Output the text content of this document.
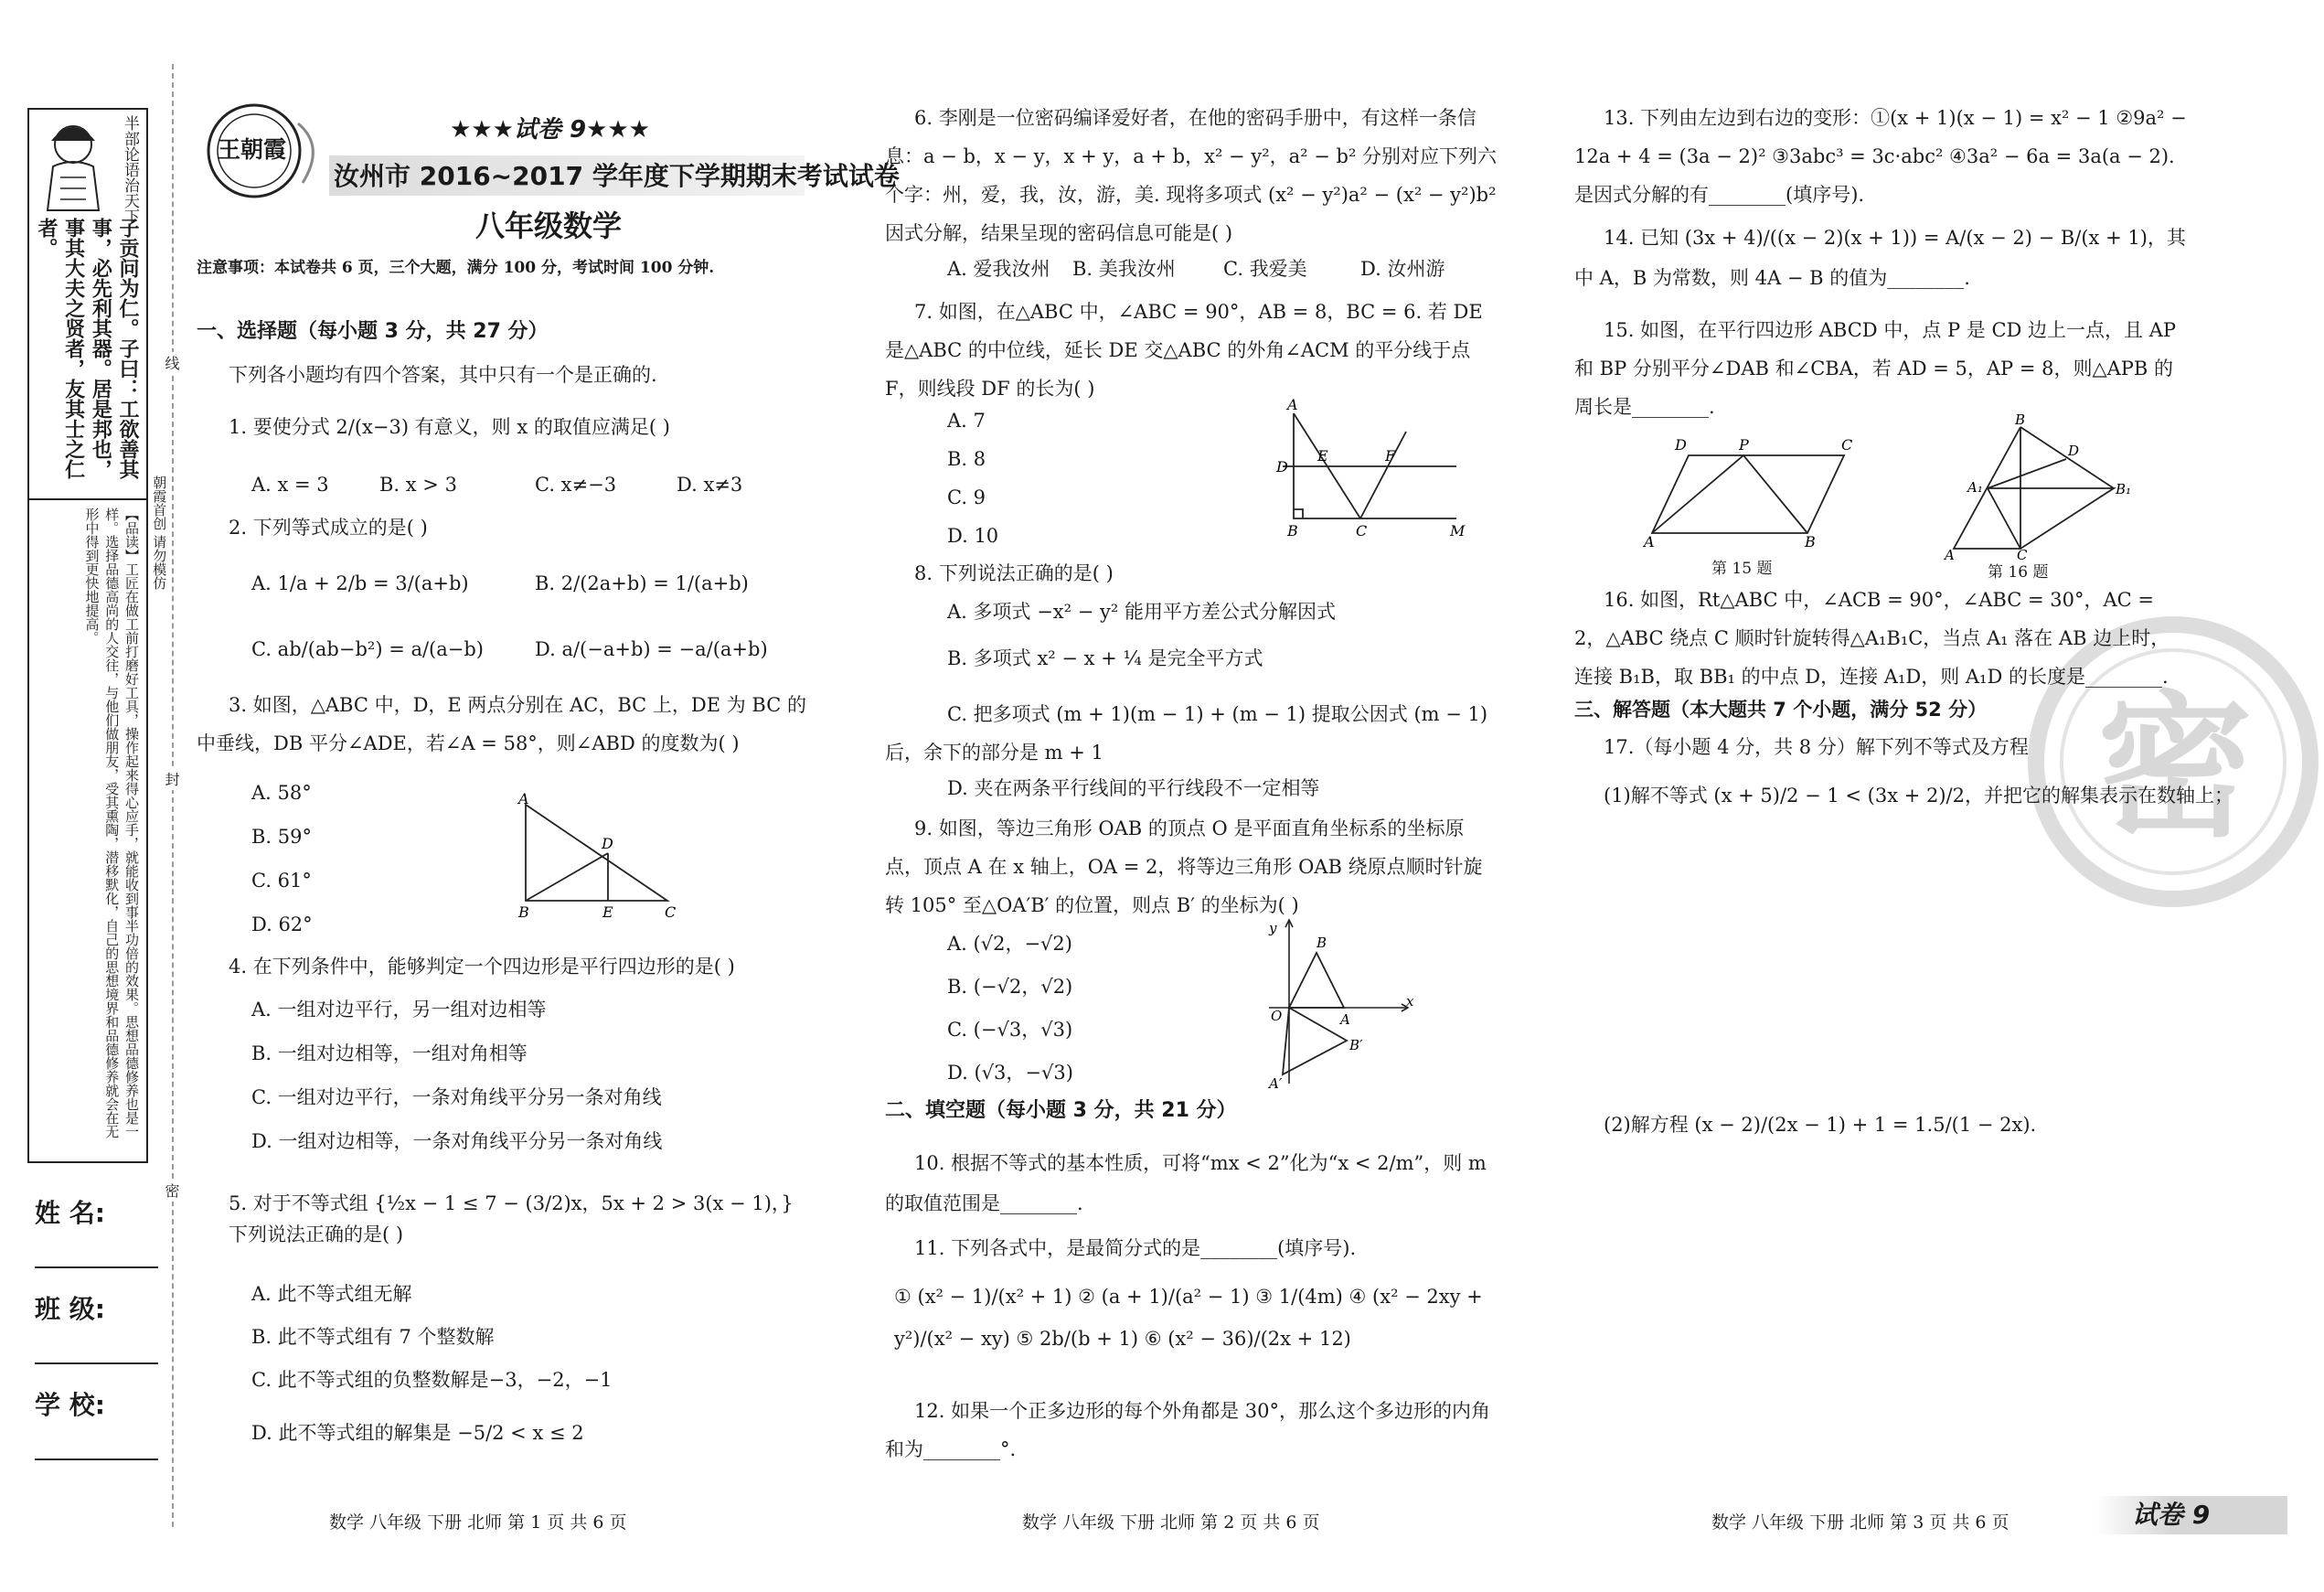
半部论语治天下
子贡问为仁。子曰：工欲善其事，必先利其器。居是邦也，事其大夫之贤者，友其士之仁者。
【品读】工匠在做工前打磨好工具，操作起来得心应手，就能收到事半功倍的效果。思想品德修养也是一样。选择品德高尚的人交往，与他们做朋友，受其熏陶，潜移默化，自己的思想境界和品德修养就会在无形中得到更快地提高。	朝霞首创 请勿模仿
姓 名:
班 级:
学 校:
线
封
密
王朝霞
★★★试卷 9★★★
汝州市 2016~2017 学年度下学期期末考试试卷
八年级数学
注意事项：本试卷共 6 页，三个大题，满分 100 分，考试时间 100 分钟.
一、选择题（每小题 3 分，共 27 分）
下列各小题均有四个答案，其中只有一个是正确的.
1. 要使分式 2/(x−3) 有意义，则 x 的取值应满足( )
A. x = 3	B. x > 3	C. x≠−3	D. x≠3
2. 下列等式成立的是( )
A. 1/a + 2/b = 3/(a+b)	B. 2/(2a+b) = 1/(a+b)
C. ab/(ab−b²) = a/(a−b)	D. a/(−a+b) = −a/(a+b)
3. 如图，△ABC 中，D，E 两点分别在 AC，BC 上，DE 为 BC 的中垂线，DB 平分∠ADE，若∠A = 58°，则∠ABD 的度数为( )
A. 58°
B. 59°
C. 61°
D. 62°
A
D
B	E	C
4. 在下列条件中，能够判定一个四边形是平行四边形的是( )
A. 一组对边平行，另一组对边相等
B. 一组对边相等，一组对角相等
C. 一组对边平行，一条对角线平分另一条对角线
D. 一组对边相等，一条对角线平分另一条对角线
5. 对于不等式组 {½x − 1 ≤ 7 − (3/2)x，5x + 2 > 3(x − 1)，} 下列说法正确的是( )
A. 此不等式组无解
B. 此不等式组有 7 个整数解
C. 此不等式组的负整数解是−3，−2，−1
D. 此不等式组的解集是 −5/2 < x ≤ 2
数学 八年级 下册 北师 第 1 页 共 6 页
6. 李刚是一位密码编译爱好者，在他的密码手册中，有这样一条信息：a − b，x − y，x + y，a + b，x² − y²，a² − b² 分别对应下列六个字：州，爱，我，汝，游，美. 现将多项式 (x² − y²)a² − (x² − y²)b² 因式分解，结果呈现的密码信息可能是( )
A. 爱我汝州 B. 美我汝州 C. 我爱美	D. 汝州游
7. 如图，在△ABC 中，∠ABC = 90°，AB = 8，BC = 6. 若 DE 是△ABC 的中位线，延长 DE 交△ABC 的外角∠ACM 的平分线于点 F，则线段 DF 的长为( )
A. 7
B. 8
C. 9
D. 10
A
D
E	F
B	C	M
8. 下列说法正确的是( )
A. 多项式 −x² − y² 能用平方差公式分解因式
B. 多项式 x² − x + ¼ 是完全平方式
C. 把多项式 (m + 1)(m − 1) + (m − 1) 提取公因式 (m − 1) 后，余下的部分是 m + 1
D. 夹在两条平行线间的平行线段不一定相等
9. 如图，等边三角形 OAB 的顶点 O 是平面直角坐标系的坐标原点，顶点 A 在 x 轴上，OA = 2，将等边三角形 OAB 绕原点顺时针旋转 105° 至△OA′B′ 的位置，则点 B′ 的坐标为( )
A. (√2，−√2)
B. (−√2，√2)
C. (−√3，√3)
D. (√3，−√3)
y
x
O	A
B
B′
A′
二、填空题（每小题 3 分，共 21 分）
10. 根据不等式的基本性质，可将“mx < 2”化为“x < 2/m”，则 m 的取值范围是________.
11. 下列各式中，是最简分式的是________(填序号).
① (x² − 1)/(x² + 1) ② (a + 1)/(a² − 1) ③ 1/(4m) ④ (x² − 2xy + y²)/(x² − xy) ⑤ 2b/(b + 1) ⑥ (x² − 36)/(2x + 12)
12. 如果一个正多边形的每个外角都是 30°，那么这个多边形的内角和为________°.
数学 八年级 下册 北师 第 2 页 共 6 页
密
13. 下列由左边到右边的变形：①(x + 1)(x − 1) = x² − 1 ②9a² − 12a + 4 = (3a − 2)² ③3abc³ = 3c·abc² ④3a² − 6a = 3a(a − 2). 是因式分解的有________(填序号).
14. 已知 (3x + 4)/((x − 2)(x + 1)) = A/(x − 2) − B/(x + 1)，其中 A，B 为常数，则 4A − B 的值为________.
15. 如图，在平行四边形 ABCD 中，点 P 是 CD 边上一点，且 AP 和 BP 分别平分∠DAB 和∠CBA，若 AD = 5，AP = 8，则△APB 的周长是________.
D	P	C
A	B
第 15 题
B
D
A₁	B₁
A	C
第 16 题
16. 如图，Rt△ABC 中，∠ACB = 90°，∠ABC = 30°，AC = 2，△ABC 绕点 C 顺时针旋转得△A₁B₁C，当点 A₁ 落在 AB 边上时，连接 B₁B，取 BB₁ 的中点 D，连接 A₁D，则 A₁D 的长度是________.
三、解答题（本大题共 7 个小题，满分 52 分）
17.（每小题 4 分，共 8 分）解下列不等式及方程
(1)解不等式 (x + 5)/2 − 1 < (3x + 2)/2，并把它的解集表示在数轴上；
(2)解方程 (x − 2)/(2x − 1) + 1 = 1.5/(1 − 2x).
数学 八年级 下册 北师 第 3 页 共 6 页	试卷 9
